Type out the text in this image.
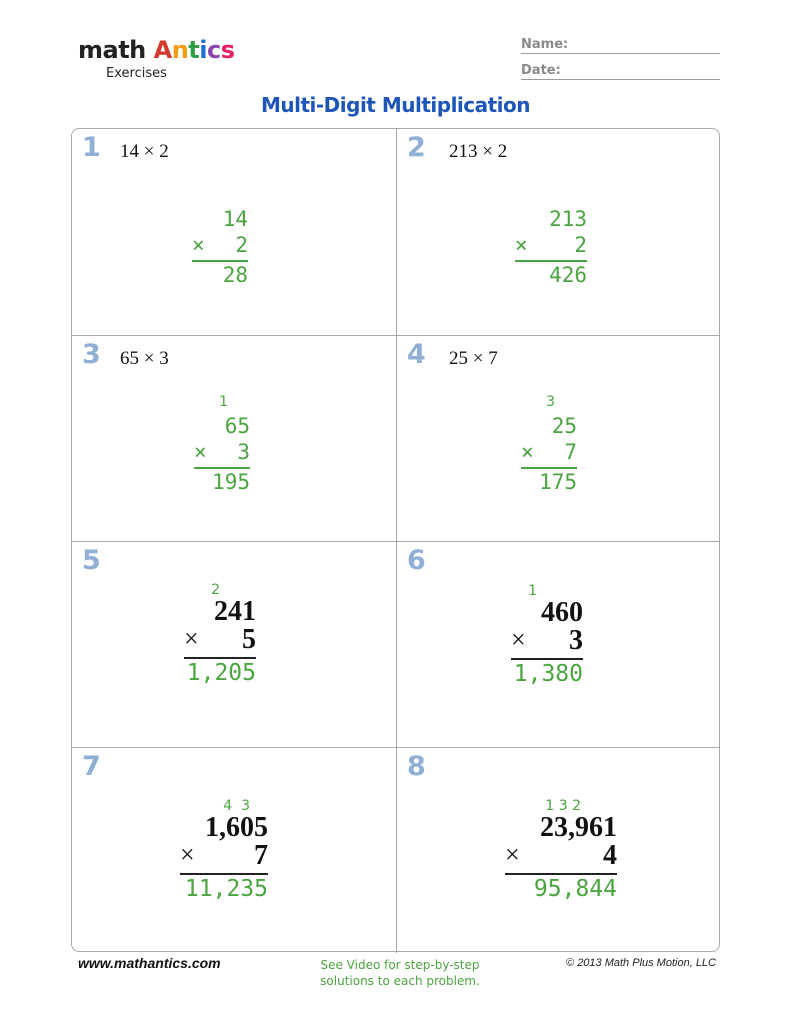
math Antics
Exercises
Name:
Date:
Multi-Digit Multiplication
1 14 × 2
14
× 2
28
2 213 × 2
213
× 2
426
3 65 × 3
1
65
× 3
195
4 25 × 7
3
25
× 7
175
5
2
241
× 5
1,205
6
1
460
× 3
1,380
7
4  3
1,605
× 7
11,235
8
1 3 2
23,961
×	4
95,844
www.mathantics.com	See Video for step-by-step
solutions to each problem.
© 2013 Math Plus Motion, LLC
